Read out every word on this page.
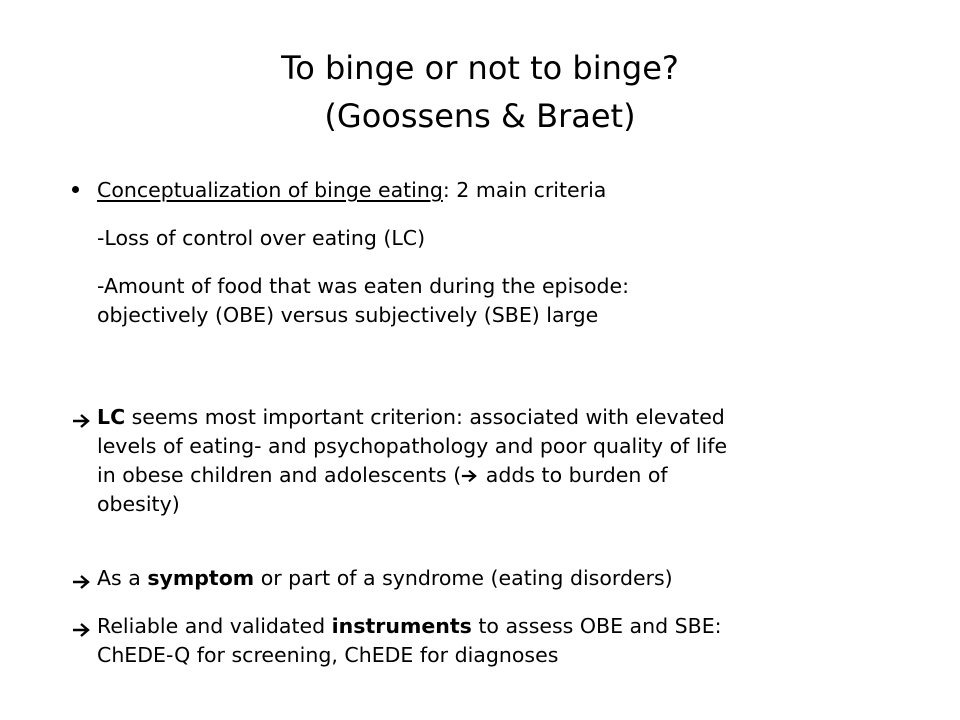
To binge or not to binge?
(Goossens & Braet)
Conceptualization of binge eating: 2 main criteria
-Loss of control over eating (LC)
-Amount of food that was eaten during the episode:
objectively (OBE) versus subjectively (SBE) large
LC seems most important criterion: associated with elevated
levels of eating- and psychopathology and poor quality of life
in obese children and adolescents ( adds to burden of
obesity)
As a symptom or part of a syndrome (eating disorders)
Reliable and validated instruments to assess OBE and SBE:
ChEDE-Q for screening, ChEDE for diagnoses
